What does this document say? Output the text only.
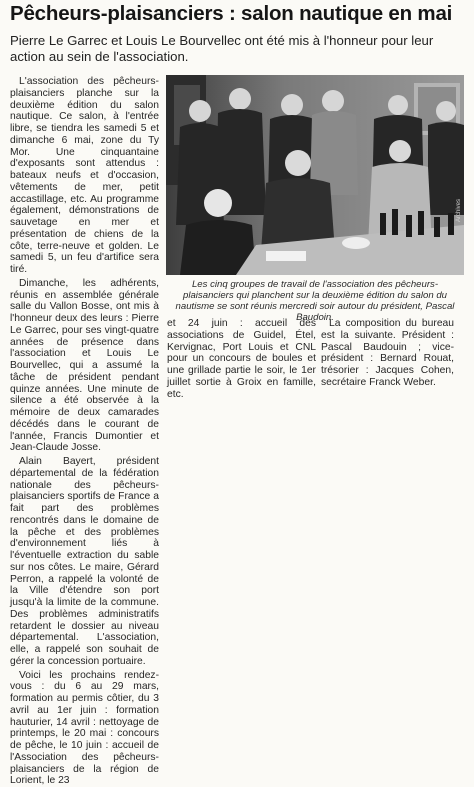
Pêcheurs-plaisanciers : salon nautique en mai
Pierre Le Garrec et Louis Le Bourvellec ont été mis à l'honneur pour leur action au sein de l'association.

L'association des pêcheurs-plaisanciers planche sur la deuxième édition du salon nautique. Ce salon, à l'entrée libre, se tiendra les samedi 5 et dimanche 6 mai, zone du Ty Mor. Une cinquantaine d'exposants sont attendus : bateaux neufs et d'occasion, vêtements de mer, petit accastillage, etc. Au programme également, démonstrations de sauvetage en mer et présentation de chiens de la côte, terre-neuve et golden. Le samedi 5, un feu d'artifice sera tiré.

Dimanche, les adhérents, réunis en assemblée générale salle du Vallon Bosse, ont mis à l'honneur deux des leurs : Pierre Le Garrec, pour ses vingt-quatre années de présence dans l'association et Louis Le Bourvellec, qui a assumé la tâche de président pendant quinze années. Une minute de silence a été observée à la mémoire de deux camarades décédés dans le courant de l'année, Francis Dumontier et Jean-Claude Josse.

Alain Bayert, président départemental de la fédération nationale des pêcheurs-plaisanciers sportifs de France a fait part des problèmes rencontrés dans le domaine de la pêche et des problèmes d'environnement liés à l'éventuelle extraction du sable sur nos côtes. Le maire, Gérard Perron, a rappelé la volonté de la Ville d'étendre son port jusqu'à la limite de la commune. Des problèmes administratifs retardent le dossier au niveau départemental. L'association, elle, a rappelé son souhait de gérer la concession portuaire.

Voici les prochains rendez-vous : du 6 au 29 mars, formation au permis côtier, du 3 avril au 1er juin : formation hauturier, 14 avril : nettoyage de printemps, le 20 mai : concours de pêche, le 10 juin : accueil de l'Association des pêcheurs-plaisanciers de la région de Lorient, le 23

Archives
Les cinq groupes de travail de l'association des pêcheurs-plaisanciers qui planchent sur la deuxième édition du salon du nautisme se sont réunis mercredi soir autour du président, Pascal Baudoin.

et 24 juin : accueil des associations de Guidel, Étel, Kervignac, Port Louis et CNL pour un concours de boules et une grillade partie le soir, le 1er juillet sortie à Groix en famille, etc.

La composition du bureau est la suivante. Président : Pascal Baudouin ; vice-président : Bernard Rouat, trésorier : Jacques Cohen, secrétaire Franck Weber.
